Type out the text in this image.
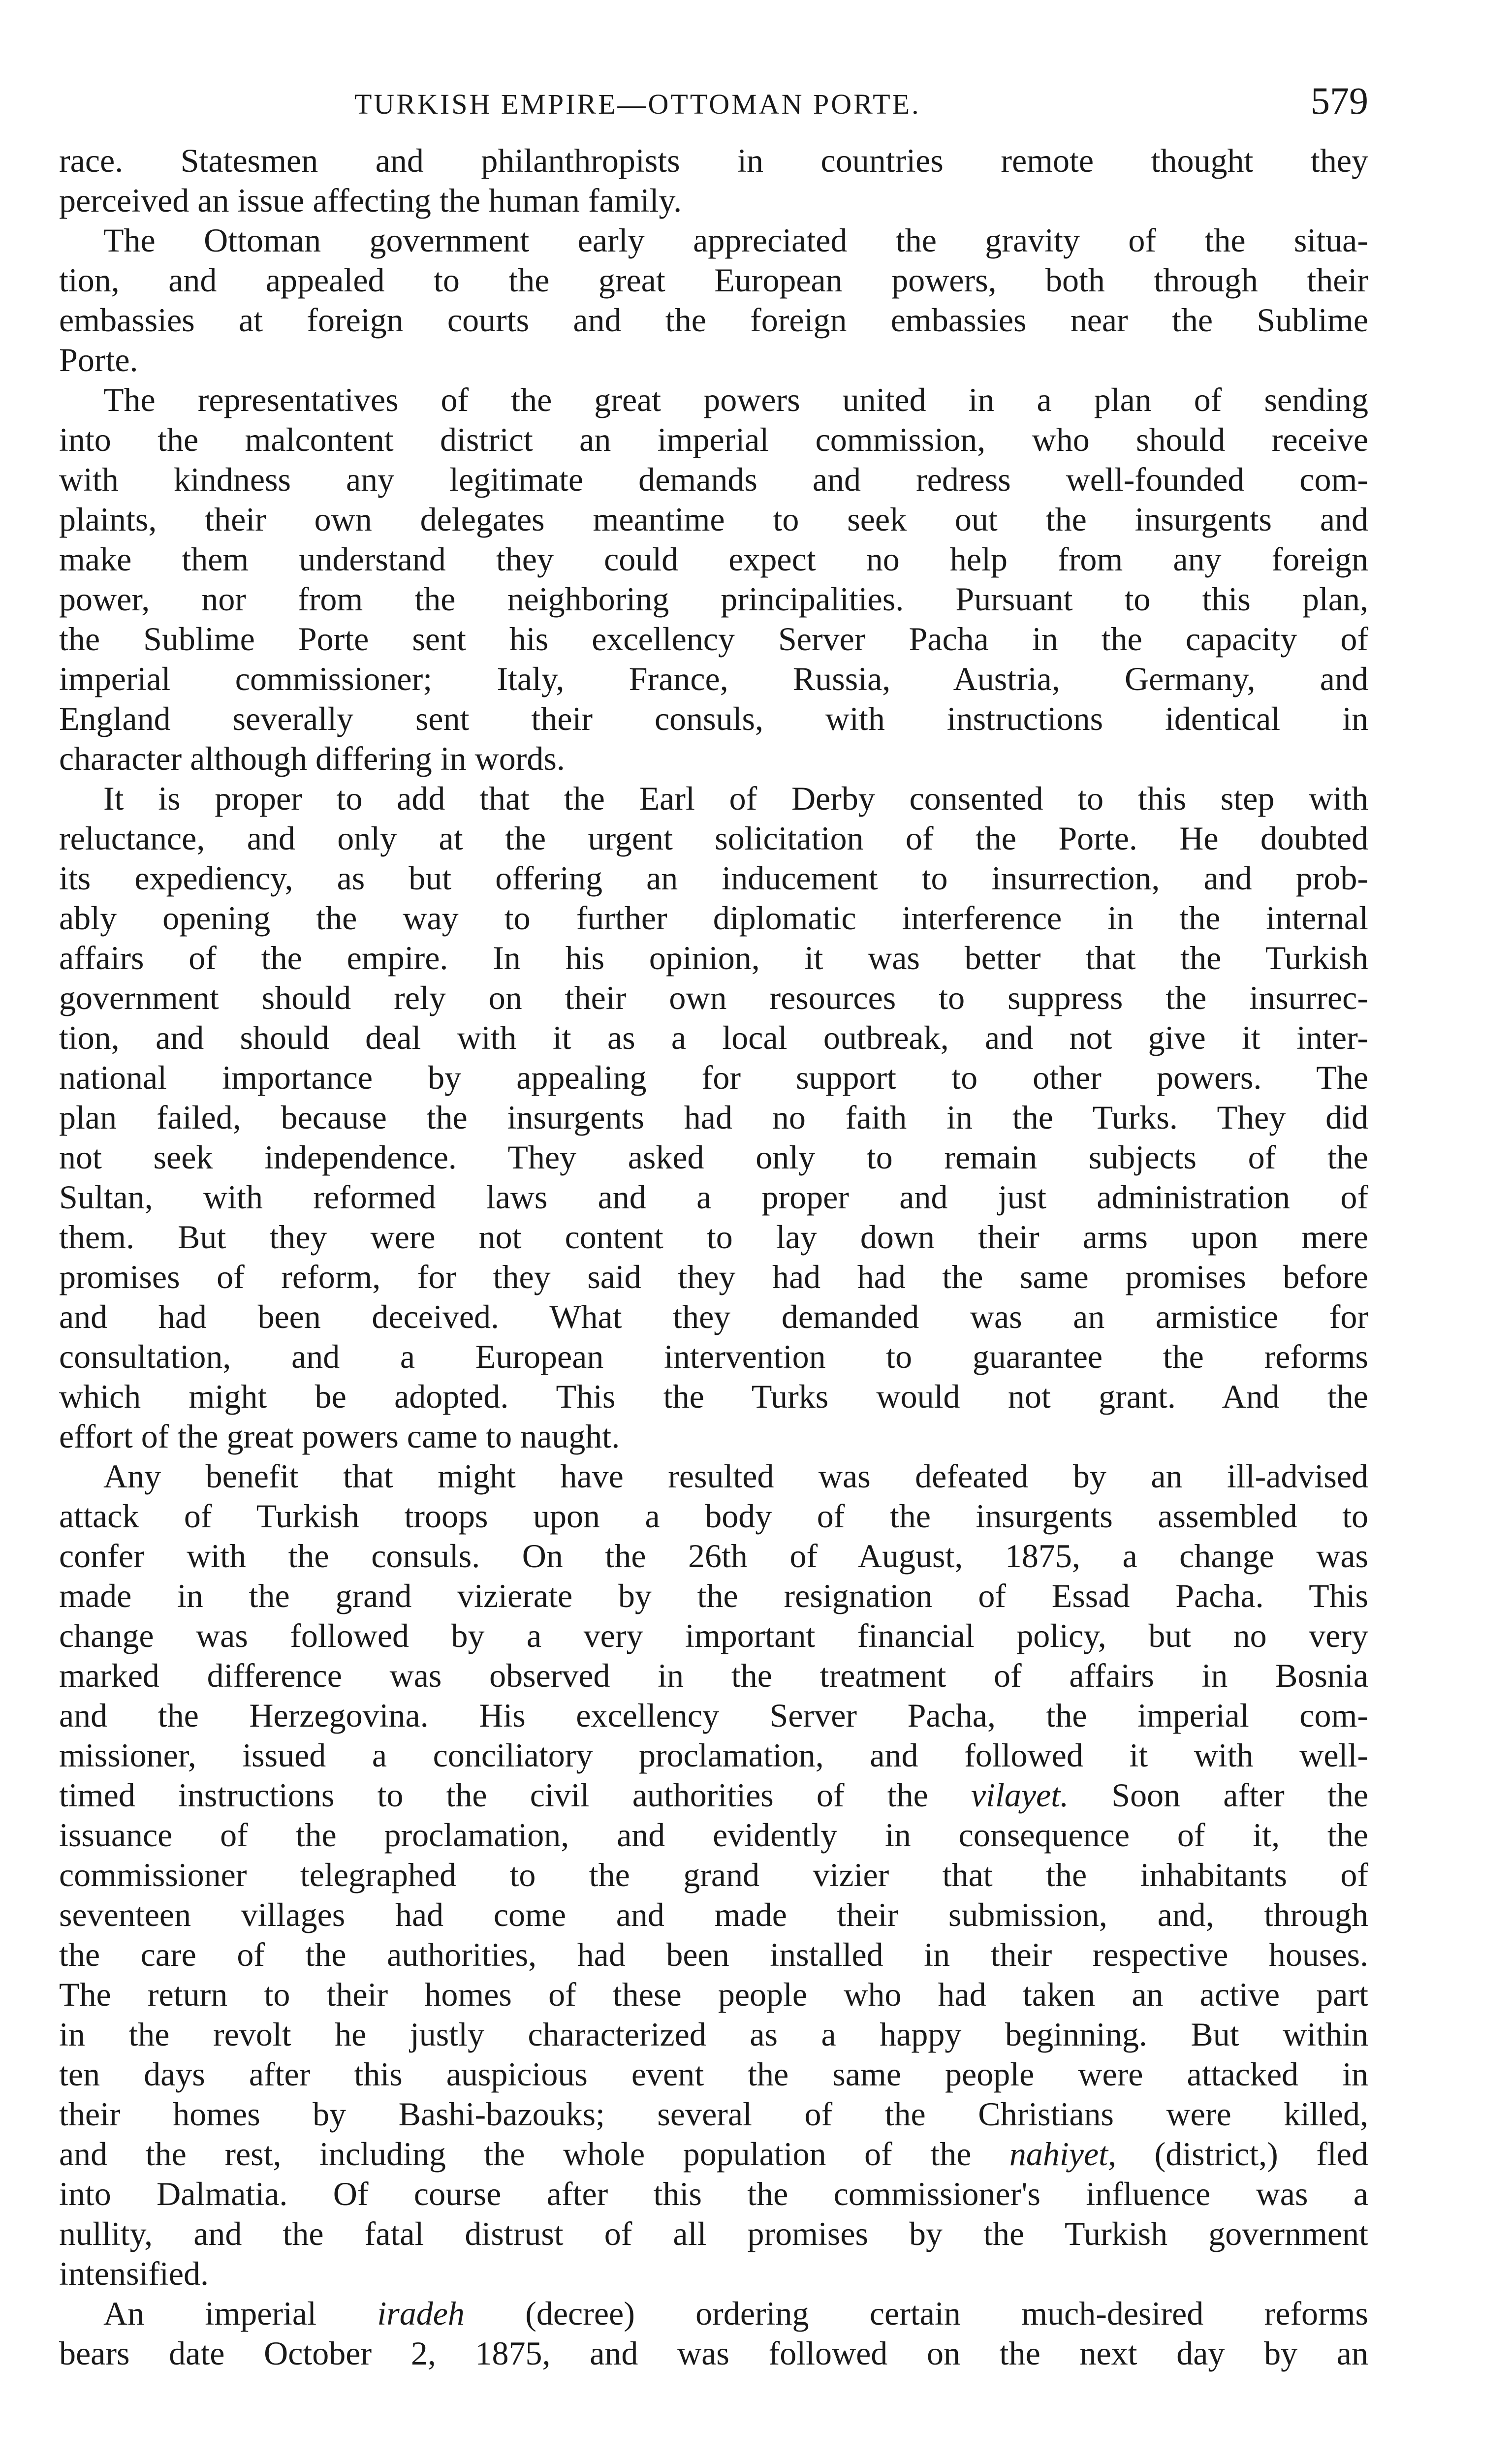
TURKISH EMPIRE—OTTOMAN PORTE.	579
race. Statesmen and philanthropists in countries remote thought they
perceived an issue affecting the human family.
The Ottoman government early appreciated the gravity of the situa-
tion, and appealed to the great European powers, both through their
embassies at foreign courts and the foreign embassies near the Sublime
Porte.
The representatives of the great powers united in a plan of sending
into the malcontent district an imperial commission, who should receive
with kindness any legitimate demands and redress well-founded com-
plaints, their own delegates meantime to seek out the insurgents and
make them understand they could expect no help from any foreign
power, nor from the neighboring principalities. Pursuant to this plan,
the Sublime Porte sent his excellency Server Pacha in the capacity of
imperial commissioner; Italy, France, Russia, Austria, Germany, and
England severally sent their consuls, with instructions identical in
character although differing in words.
It is proper to add that the Earl of Derby consented to this step with
reluctance, and only at the urgent solicitation of the Porte. He doubted
its expediency, as but offering an inducement to insurrection, and prob-
ably opening the way to further diplomatic interference in the internal
affairs of the empire. In his opinion, it was better that the Turkish
government should rely on their own resources to suppress the insurrec-
tion, and should deal with it as a local outbreak, and not give it inter-
national importance by appealing for support to other powers. The
plan failed, because the insurgents had no faith in the Turks. They did
not seek independence. They asked only to remain subjects of the
Sultan, with reformed laws and a proper and just administration of
them. But they were not content to lay down their arms upon mere
promises of reform, for they said they had had the same promises before
and had been deceived. What they demanded was an armistice for
consultation, and a European intervention to guarantee the reforms
which might be adopted. This the Turks would not grant. And the
effort of the great powers came to naught.
Any benefit that might have resulted was defeated by an ill-advised
attack of Turkish troops upon a body of the insurgents assembled to
confer with the consuls. On the 26th of August, 1875, a change was
made in the grand vizierate by the resignation of Essad Pacha. This
change was followed by a very important financial policy, but no very
marked difference was observed in the treatment of affairs in Bosnia
and the Herzegovina. His excellency Server Pacha, the imperial com-
missioner, issued a conciliatory proclamation, and followed it with well-
timed instructions to the civil authorities of the vilayet. Soon after the
issuance of the proclamation, and evidently in consequence of it, the
commissioner telegraphed to the grand vizier that the inhabitants of
seventeen villages had come and made their submission, and, through
the care of the authorities, had been installed in their respective houses.
The return to their homes of these people who had taken an active part
in the revolt he justly characterized as a happy beginning. But within
ten days after this auspicious event the same people were attacked in
their homes by Bashi-bazouks; several of the Christians were killed,
and the rest, including the whole population of the nahiyet, (district,) fled
into Dalmatia. Of course after this the commissioner's influence was a
nullity, and the fatal distrust of all promises by the Turkish government
intensified.
An imperial iradeh (decree) ordering certain much-desired reforms
bears date October 2, 1875, and was followed on the next day by an
